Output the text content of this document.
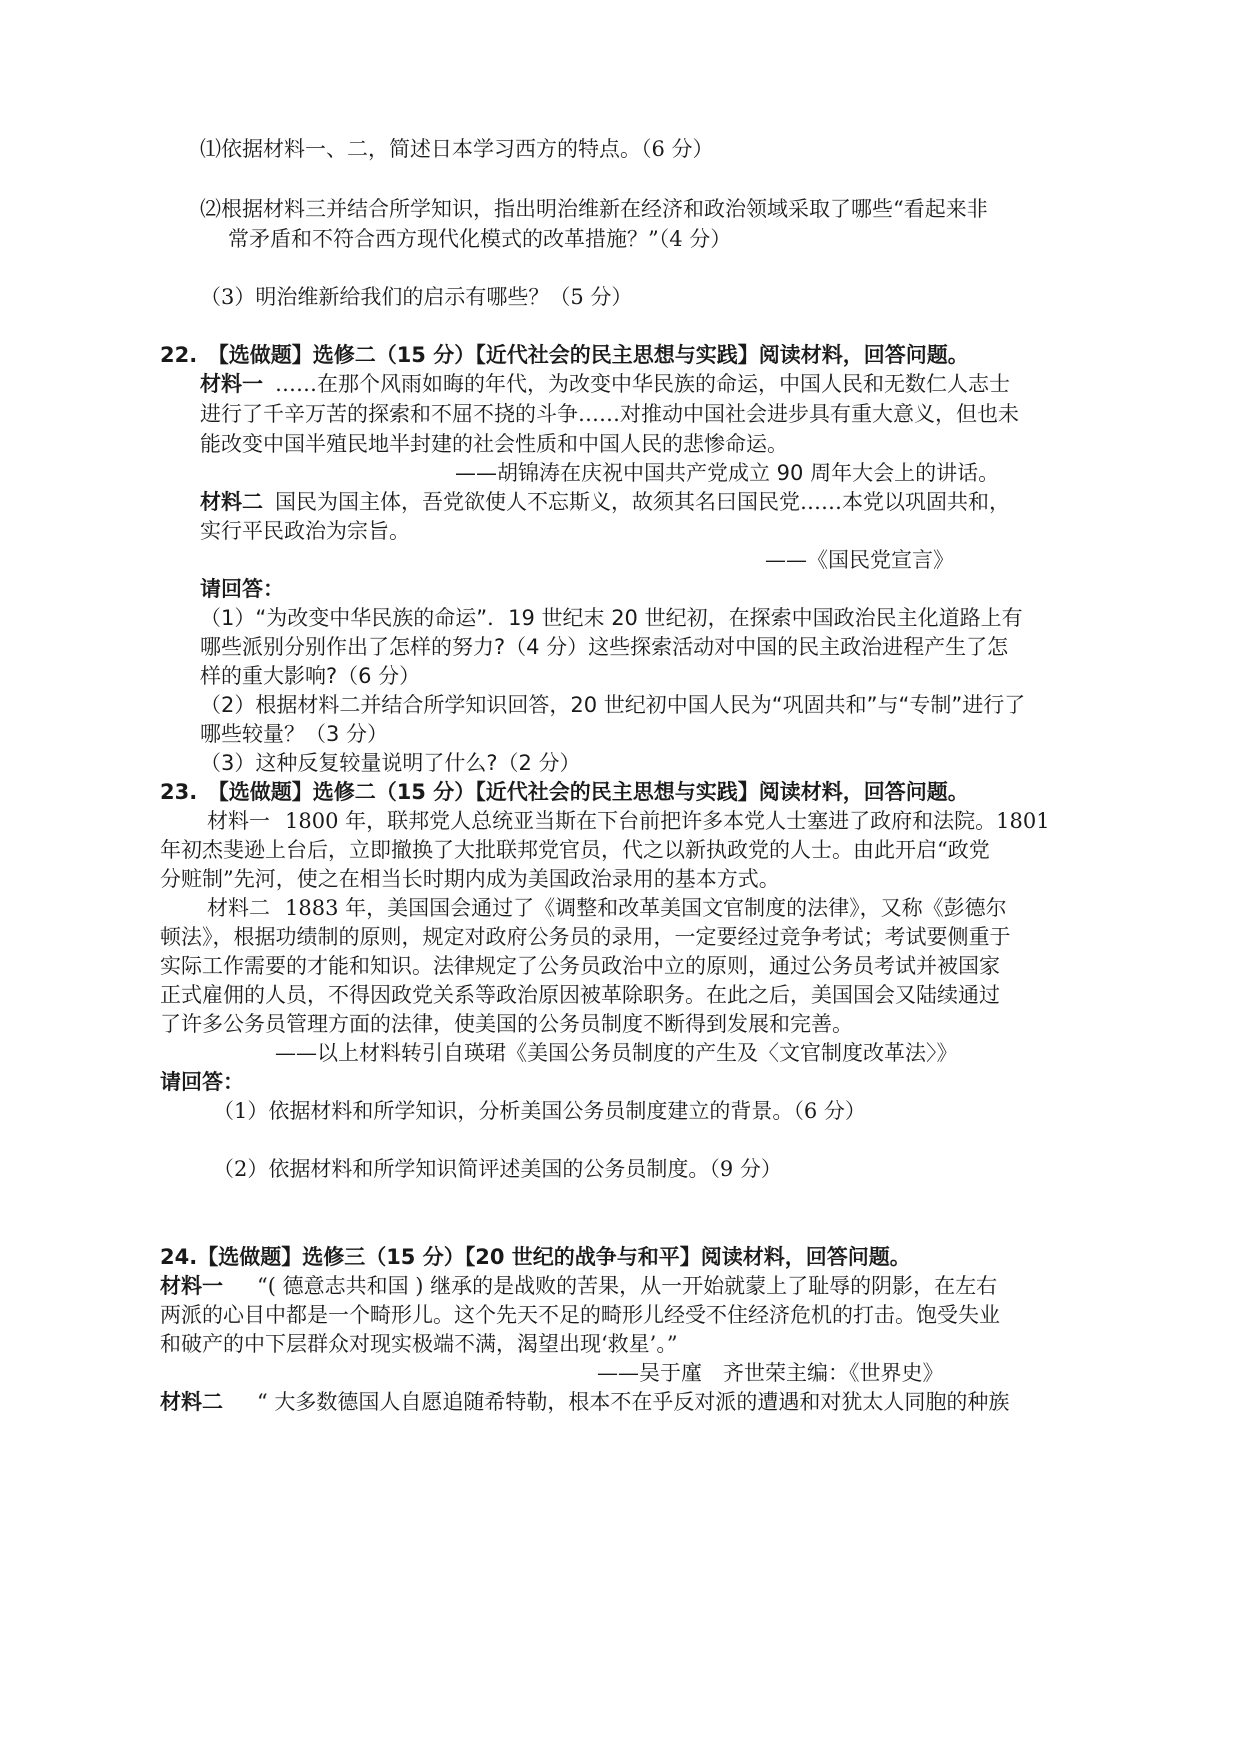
⑴依据材料一、二，简述日本学习西方的特点。（6 分）
⑵根据材料三并结合所学知识，指出明治维新在经济和政治领域采取了哪些“看起来非
常矛盾和不符合西方现代化模式的改革措施？”（4 分）
（3）明治维新给我们的启示有哪些？（5 分）
22.　【选做题】选修二（15 分）【近代社会的民主思想与实践】阅读材料，回答问题。
材料一 ……在那个风雨如晦的年代，为改变中华民族的命运，中国人民和无数仁人志士
进行了千辛万苦的探索和不屈不挠的斗争……对推动中国社会进步具有重大意义，但也未
能改变中国半殖民地半封建的社会性质和中国人民的悲惨命运。
——胡锦涛在庆祝中国共产党成立 90 周年大会上的讲话。
材料二 国民为国主体，吾党欲使人不忘斯义，故须其名曰国民党……本党以巩固共和，
实行平民政治为宗旨。
——《国民党宣言》
请回答：
（1）“为改变中华民族的命运”．19 世纪末 20 世纪初，在探索中国政治民主化道路上有
哪些派别分别作出了怎样的努力?（4 分）这些探索活动对中国的民主政治进程产生了怎
样的重大影响?（6 分）
（2）根据材料二并结合所学知识回答，20 世纪初中国人民为“巩固共和”与“专制”进行了
哪些较量？（3 分）
（3）这种反复较量说明了什么?（2 分）
23.　【选做题】选修二（15 分）【近代社会的民主思想与实践】阅读材料，回答问题。
材料一 1800 年，联邦党人总统亚当斯在下台前把许多本党人士塞进了政府和法院。1801
年初杰斐逊上台后，立即撤换了大批联邦党官员，代之以新执政党的人士。由此开启“政党
分赃制”先河，使之在相当长时期内成为美国政治录用的基本方式。
材料二 1883 年，美国国会通过了《调整和改革美国文官制度的法律》，又称《彭德尔
顿法》，根据功绩制的原则，规定对政府公务员的录用，一定要经过竞争考试；考试要侧重于
实际工作需要的才能和知识。法律规定了公务员政治中立的原则，通过公务员考试并被国家
正式雇佣的人员，不得因政党关系等政治原因被革除职务。在此之后，美国国会又陆续通过
了许多公务员管理方面的法律，使美国的公务员制度不断得到发展和完善。
——以上材料转引自瑛珺《美国公务员制度的产生及〈文官制度改革法〉》
请回答：
（1）依据材料和所学知识，分析美国公务员制度建立的背景。（6 分）
（2）依据材料和所学知识简评述美国的公务员制度。（9 分）
24.【选做题】选修三（15 分）【20 世纪的战争与和平】阅读材料，回答问题。
材料一 “( 德意志共和国 ) 继承的是战败的苦果，从一开始就蒙上了耻辱的阴影，在左右
两派的心目中都是一个畸形儿。这个先天不足的畸形儿经受不住经济危机的打击。饱受失业
和破产的中下层群众对现实极端不满，渴望出现‘救星’。”
——吴于廑　齐世荣主编：《世界史》
材料二 “ 大多数德国人自愿追随希特勒，根本不在乎反对派的遭遇和对犹太人同胞的种族
